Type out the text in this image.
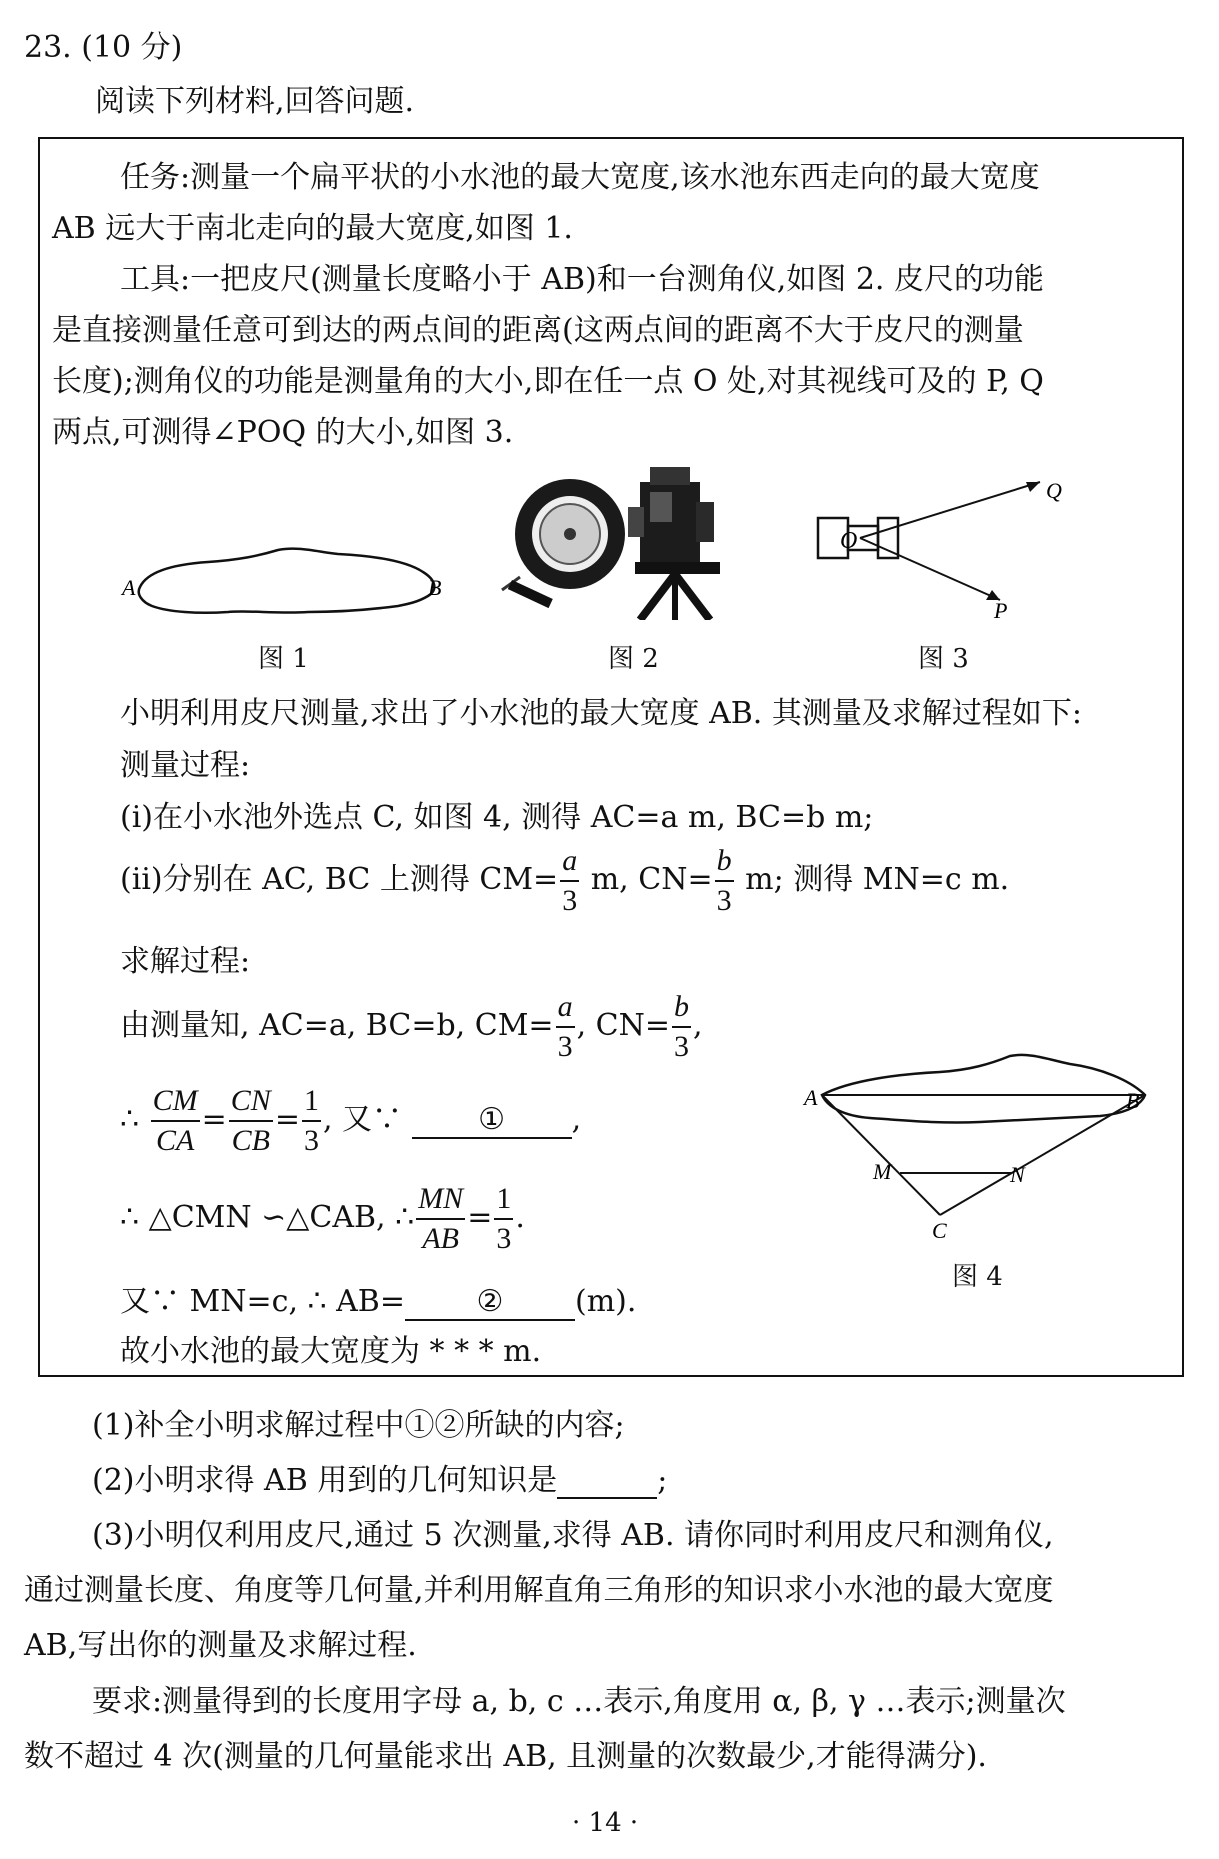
23. (10 分)
阅读下列材料,回答问题.
任务:测量一个扁平状的小水池的最大宽度,该水池东西走向的最大宽度
AB 远大于南北走向的最大宽度,如图 1.
工具:一把皮尺(测量长度略小于 AB)和一台测角仪,如图 2. 皮尺的功能
是直接测量任意可到达的两点间的距离(这两点间的距离不大于皮尺的测量
长度);测角仪的功能是测量角的大小,即在任一点 O 处,对其视线可及的 P, Q
两点,可测得∠POQ 的大小,如图 3.
A	B
图 1	图 2
O
Q
P
图 3
小明利用皮尺测量,求出了小水池的最大宽度 AB. 其测量及求解过程如下:
测量过程:
(ⅰ)在小水池外选点 C, 如图 4, 测得 AC=a m, BC=b m;
(ⅱ)分别在 AC, BC 上测得 $CM= \frac{a}{3} m$, $CN= \frac{b}{3} m$; 测得 MN=c m.
求解过程:
由测量知, AC=a, BC=b, $CM= \frac{a}{3}$ , $CN= \frac{b}{3}$ ,
∴ $\frac{CM}{CA} = \frac{CN}{CB} = \frac{1}{3}$ , 又∵	① ,
∴ △CMN ∽△CAB, ∴ $\frac{MN}{AB} = \frac{1}{3}$ .
又∵ MN=c, ∴ AB= ② (m).
故小水池的最大宽度为 * * * m.
A	B
M	N
C
图 4
(1)补全小明求解过程中①②所缺的内容;
(2)小明求得 AB 用到的几何知识是	;
(3)小明仅利用皮尺,通过 5 次测量,求得 AB. 请你同时利用皮尺和测角仪,
通过测量长度、角度等几何量,并利用解直角三角形的知识求小水池的最大宽度
AB,写出你的测量及求解过程.
要求:测量得到的长度用字母 a, b, c …表示,角度用 α, β, γ …表示;测量次
数不超过 4 次(测量的几何量能求出 AB, 且测量的次数最少,才能得满分).
· 14 ·
